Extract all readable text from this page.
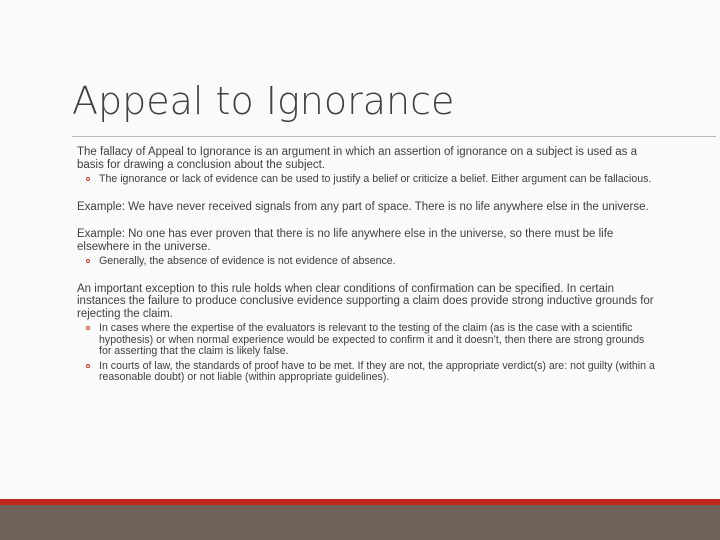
Appeal to Ignorance
The fallacy of Appeal to Ignorance is an argument in which an assertion of ignorance on a subject is used as a basis for drawing a conclusion about the subject.
The ignorance or lack of evidence can be used to justify a belief or criticize a belief. Either argument can be fallacious.
Example: We have never received signals from any part of space. There is no life anywhere else in the universe.
Example: No one has ever proven that there is no life anywhere else in the universe, so there must be life elsewhere in the universe.
Generally, the absence of evidence is not evidence of absence.
An important exception to this rule holds when clear conditions of confirmation can be specified. In certain instances the failure to produce conclusive evidence supporting a claim does provide strong inductive grounds for rejecting the claim.
In cases where the expertise of the evaluators is relevant to the testing of the claim (as is the case with a scientific hypothesis) or when normal experience would be expected to confirm it and it doesn’t, then there are strong grounds for asserting that the claim is likely false.
In courts of law, the standards of proof have to be met. If they are not, the appropriate verdict(s) are: not guilty (within a reasonable doubt) or not liable (within appropriate guidelines).
